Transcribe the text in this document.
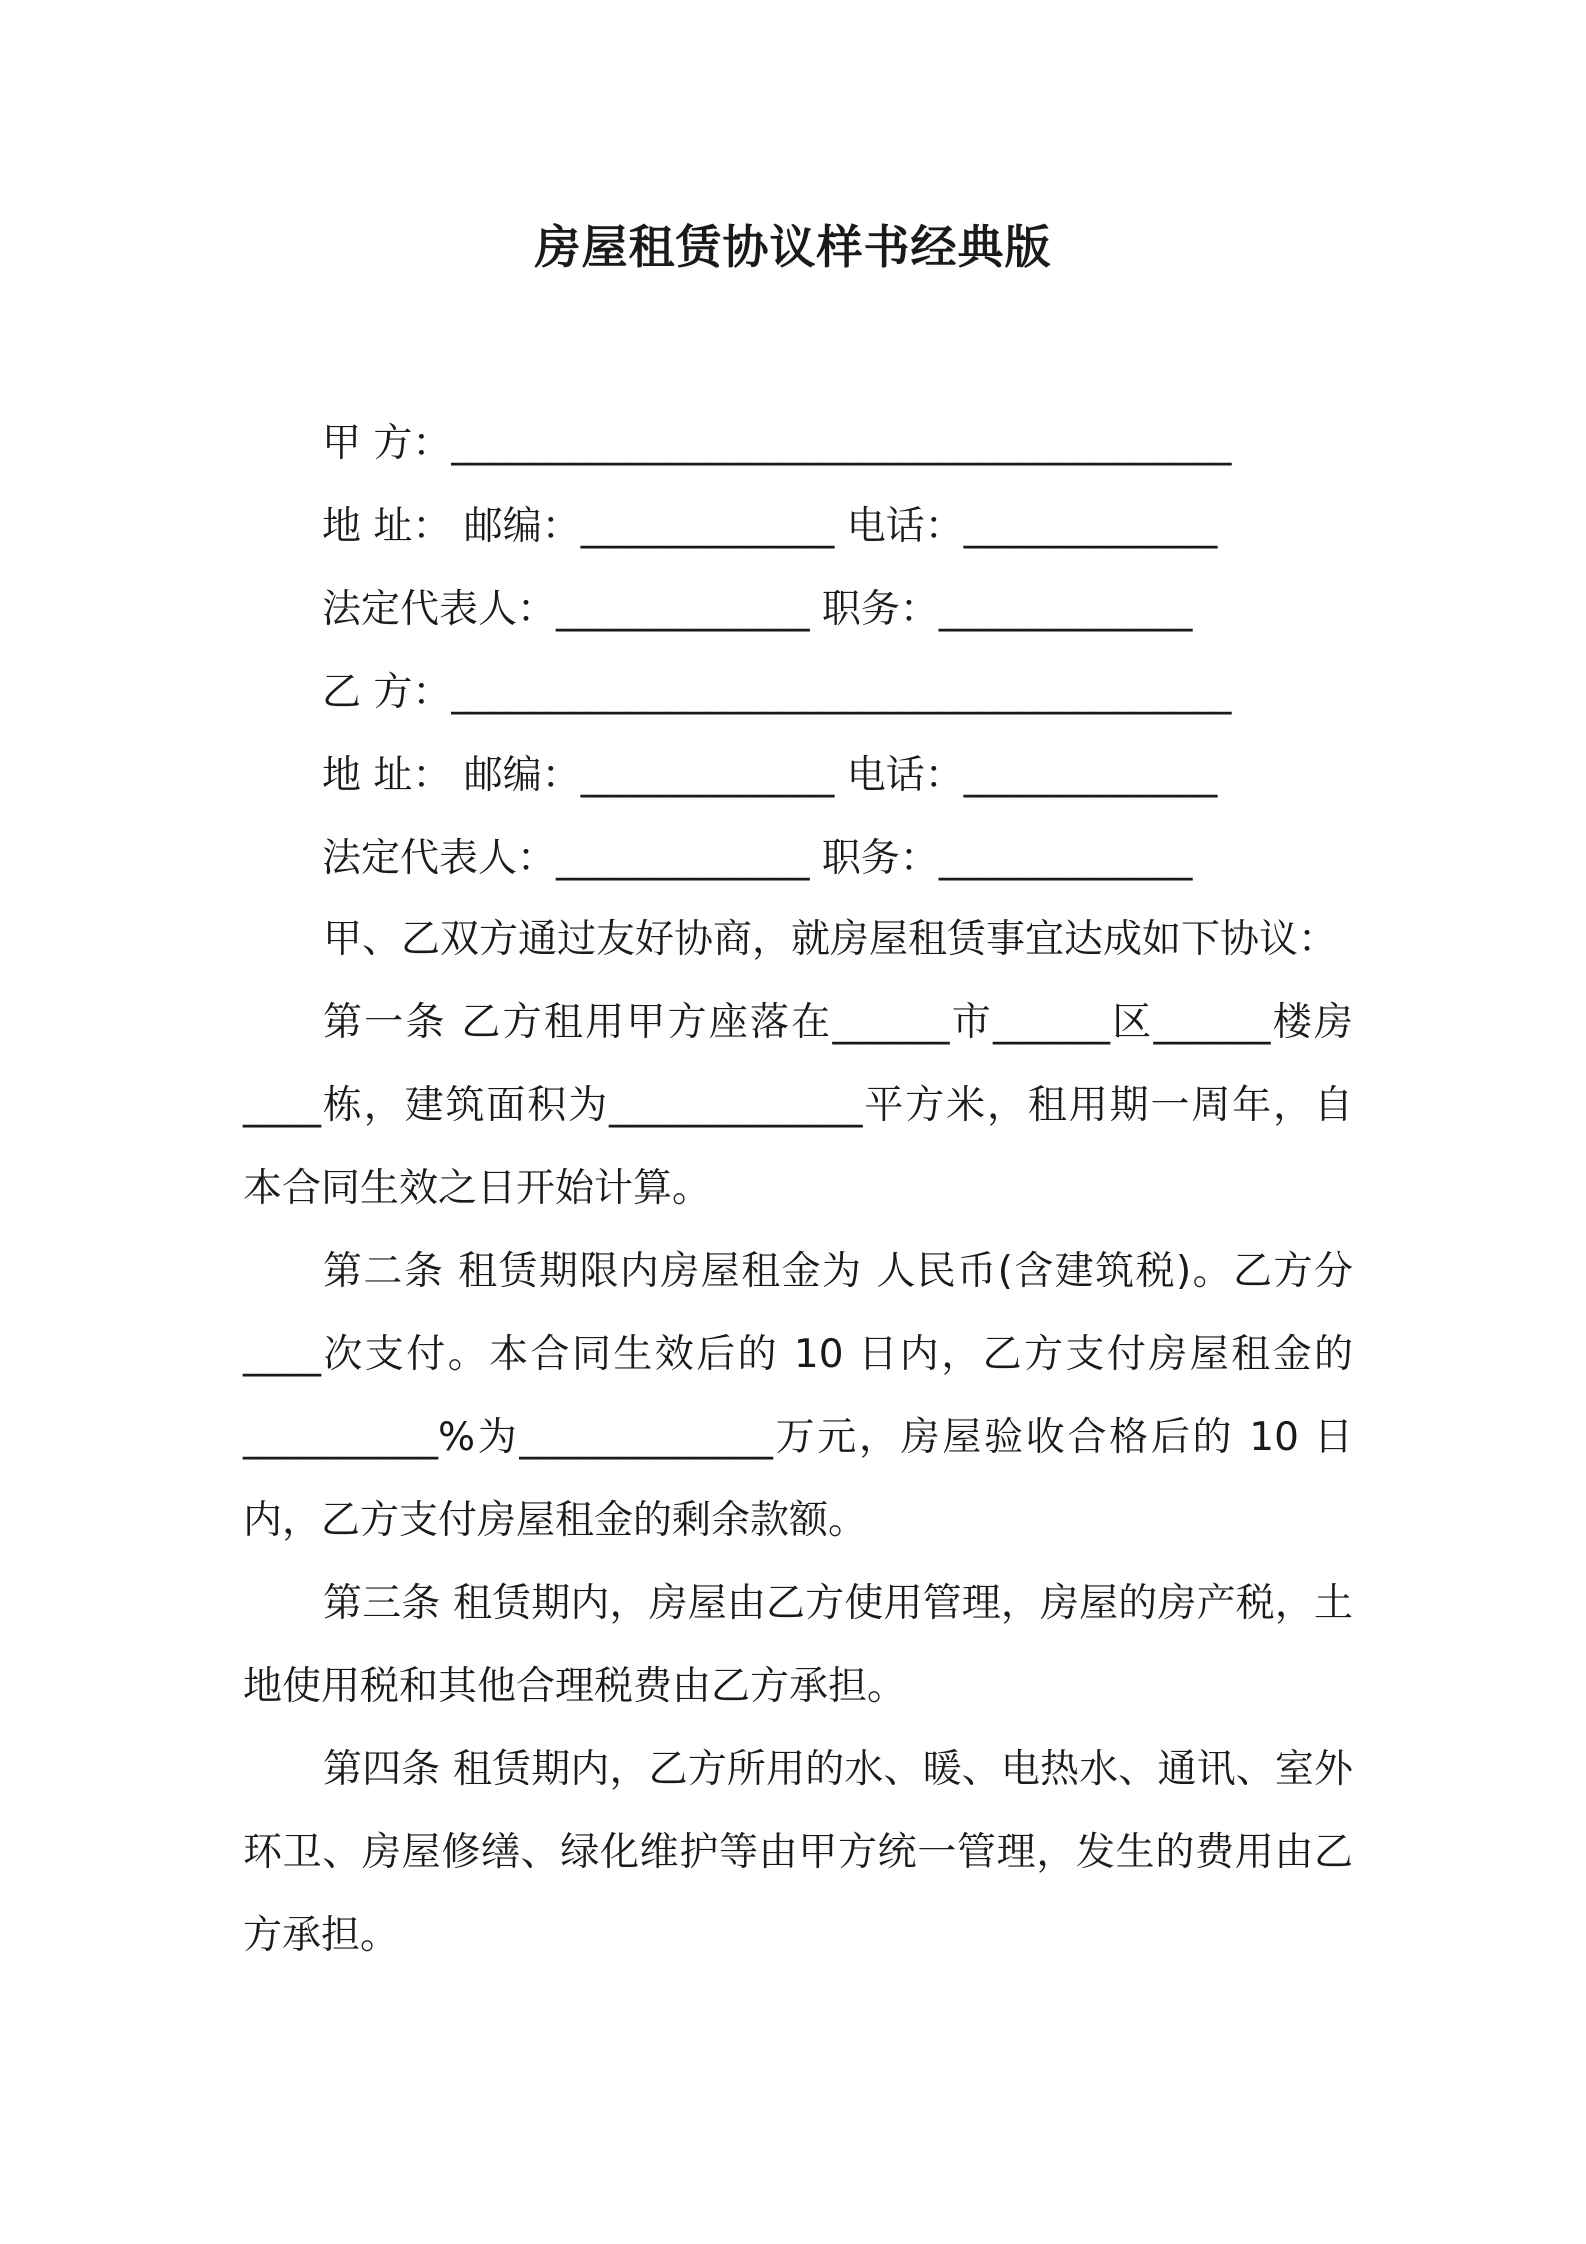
房屋租赁协议样书经典版
甲 方：________________________________________
地 址： 邮编：_____________ 电话：_____________
法定代表人：_____________ 职务：_____________
乙 方：________________________________________
地 址： 邮编：_____________ 电话：_____________
法定代表人：_____________ 职务：_____________

甲、乙双方通过友好协商，就房屋租赁事宜达成如下协议：

第一条 乙方租用甲方座落在______市______区______楼房____栋，建筑面积为_____________平方米，租用期一周年，自本合同生效之日开始计算。

第二条 租赁期限内房屋租金为 人民币(含建筑税)。乙方分____次支付。本合同生效后的 10 日内，乙方支付房屋租金的__________%为_____________万元，房屋验收合格后的 10 日内，乙方支付房屋租金的剩余款额。

第三条 租赁期内，房屋由乙方使用管理，房屋的房产税，土地使用税和其他合理税费由乙方承担。

第四条 租赁期内，乙方所用的水、暖、电热水、通讯、室外环卫、房屋修缮、绿化维护等由甲方统一管理，发生的费用由乙方承担。
